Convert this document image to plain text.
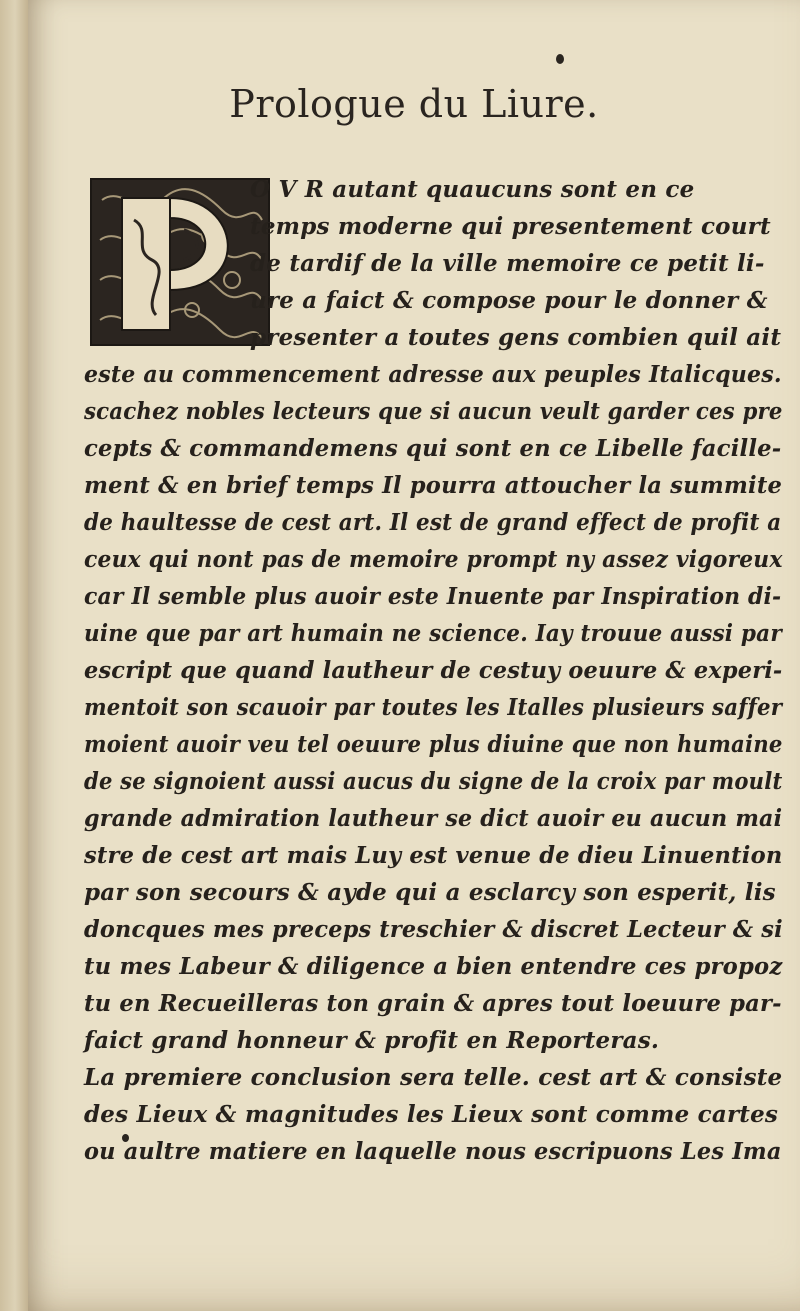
Prologue du Liure.
O V R autant quaucuns sont en ce
temps moderne qui presentement court
de tardif de la ville memoire ce petit li-
ure a faict & compose pour le donner &
presenter a toutes gens combien quil ait
este au commencement adresse aux peuples Italicques.
scachez nobles lecteurs que si aucun veult garder ces pre
cepts & commandemens qui sont en ce Libelle facille-
ment & en brief temps Il pourra attoucher la summite
de haultesse de cest art. Il est de grand effect de profit a
ceux qui nont pas de memoire prompt ny assez vigoreux
car Il semble plus auoir este Inuente par Inspiration di-
uine que par art humain ne science. Iay trouue aussi par
escript que quand lautheur de cestuy oeuure & experi-
mentoit son scauoir par toutes les Italles plusieurs saffer
moient auoir veu tel oeuure plus diuine que non humaine
de se signoient aussi aucus du signe de la croix par moult
grande admiration lautheur se dict auoir eu aucun mai
stre de cest art mais Luy est venue de dieu Linuention
par son secours & ayde qui a esclarcy son esperit, lis
doncques mes preceps treschier & discret Lecteur & si
tu mes Labeur & diligence a bien entendre ces propoz
tu en Recueilleras ton grain & apres tout loeuure par-
faict grand honneur & profit en Reporteras.
La premiere conclusion sera telle. cest art & consiste
des Lieux & magnitudes les Lieux sont comme cartes
ou aultre matiere en laquelle nous escripuons Les Ima
